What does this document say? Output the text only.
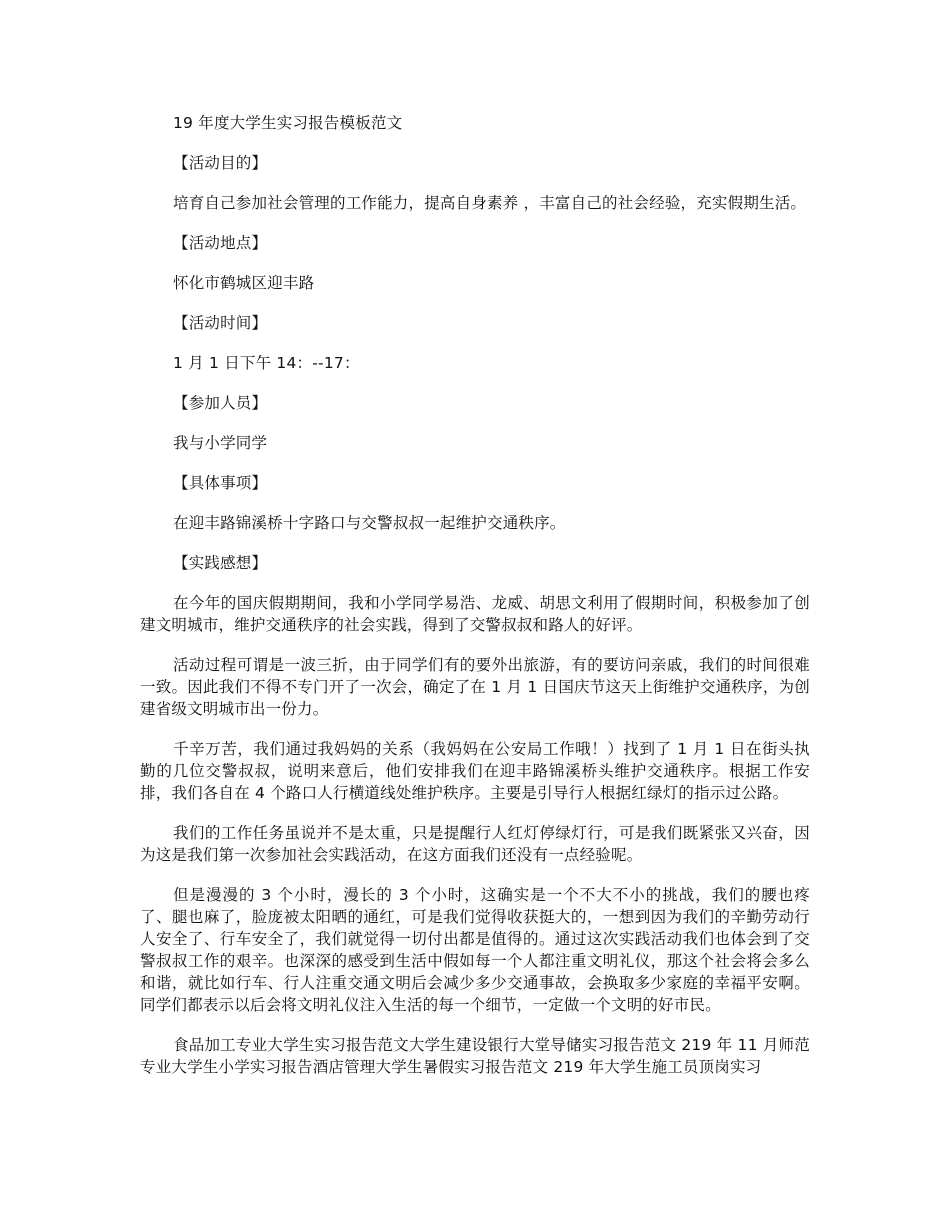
19 年度大学生实习报告模板范文

【活动目的】

培育自己参加社会管理的工作能力，提高自身素养 ，丰富自己的社会经验，充实假期生活。

【活动地点】

怀化市鹤城区迎丰路

【活动时间】

1 月 1 日下午 14：--17：

【参加人员】

我与小学同学

【具体事项】

在迎丰路锦溪桥十字路口与交警叔叔一起维护交通秩序。

【实践感想】

在今年的国庆假期期间，我和小学同学易浩、龙威、胡思文利用了假期时间，积极参加了创建文明城市，维护交通秩序的社会实践，得到了交警叔叔和路人的好评。

活动过程可谓是一波三折，由于同学们有的要外出旅游，有的要访问亲戚，我们的时间很难一致。因此我们不得不专门开了一次会，确定了在 1 月 1 日国庆节这天上街维护交通秩序，为创建省级文明城市出一份力。

千辛万苦，我们通过我妈妈的关系（我妈妈在公安局工作哦！）找到了 1 月 1 日在街头执勤的几位交警叔叔，说明来意后，他们安排我们在迎丰路锦溪桥头维护交通秩序。根据工作安排，我们各自在 4 个路口人行横道线处维护秩序。主要是引导行人根据红绿灯的指示过公路。

我们的工作任务虽说并不是太重，只是提醒行人红灯停绿灯行，可是我们既紧张又兴奋，因为这是我们第一次参加社会实践活动，在这方面我们还没有一点经验呢。

但是漫漫的 3 个小时，漫长的 3 个小时，这确实是一个不大不小的挑战，我们的腰也疼了、腿也麻了，脸庞被太阳晒的通红，可是我们觉得收获挺大的，一想到因为我们的辛勤劳动行人安全了、行车安全了，我们就觉得一切付出都是值得的。通过这次实践活动我们也体会到了交警叔叔工作的艰辛。也深深的感受到生活中假如每一个人都注重文明礼仪，那这个社会将会多么和谐，就比如行车、行人注重交通文明后会减少多少交通事故，会换取多少家庭的幸福平安啊。同学们都表示以后会将文明礼仪注入生活的每一个细节，一定做一个文明的好市民。

食品加工专业大学生实习报告范文大学生建设银行大堂导储实习报告范文 219 年 11 月师范专业大学生小学实习报告酒店管理大学生暑假实习报告范文 219 年大学生施工员顶岗实习
